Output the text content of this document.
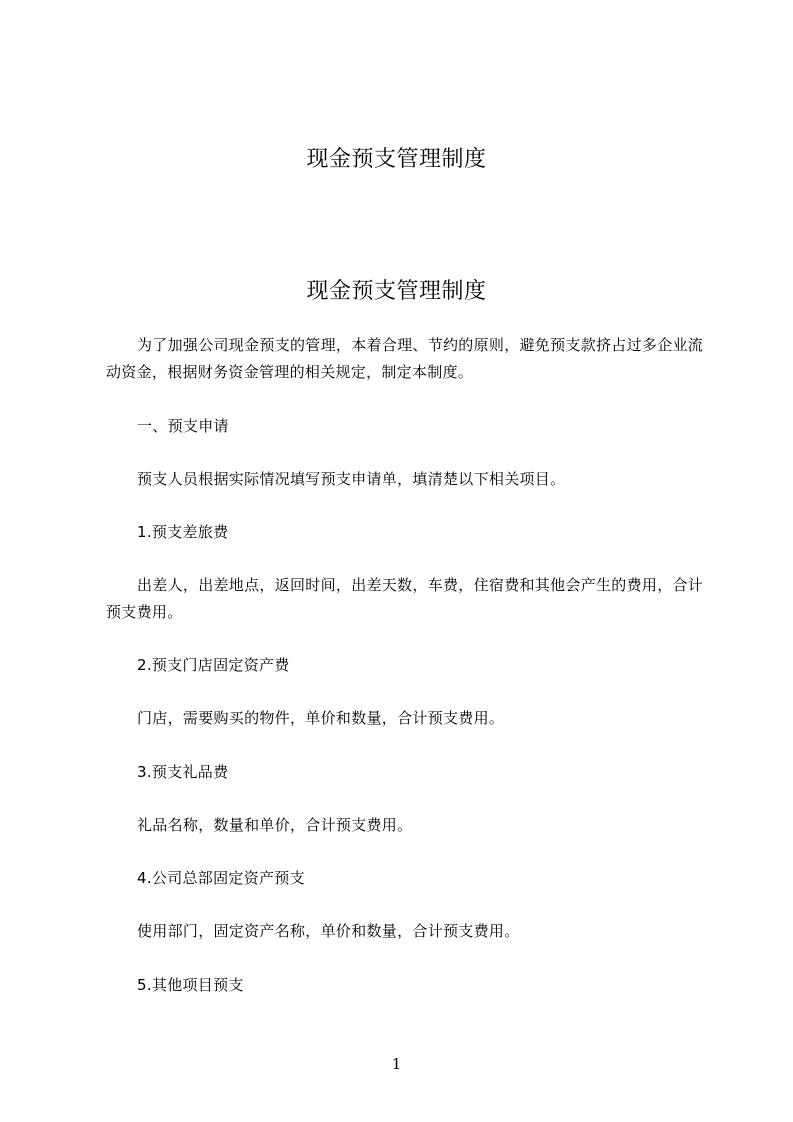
现金预支管理制度
现金预支管理制度
为了加强公司现金预支的管理，本着合理、节约的原则，避免预支款挤占过多企业流动资金，根据财务资金管理的相关规定，制定本制度。
一、预支申请
预支人员根据实际情况填写预支申请单，填清楚以下相关项目。
1.预支差旅费
出差人，出差地点，返回时间，出差天数，车费，住宿费和其他会产生的费用，合计预支费用。
2.预支门店固定资产费
门店，需要购买的物件，单价和数量，合计预支费用。
3.预支礼品费
礼品名称，数量和单价，合计预支费用。
4.公司总部固定资产预支
使用部门，固定资产名称，单价和数量，合计预支费用。
5.其他项目预支
1
